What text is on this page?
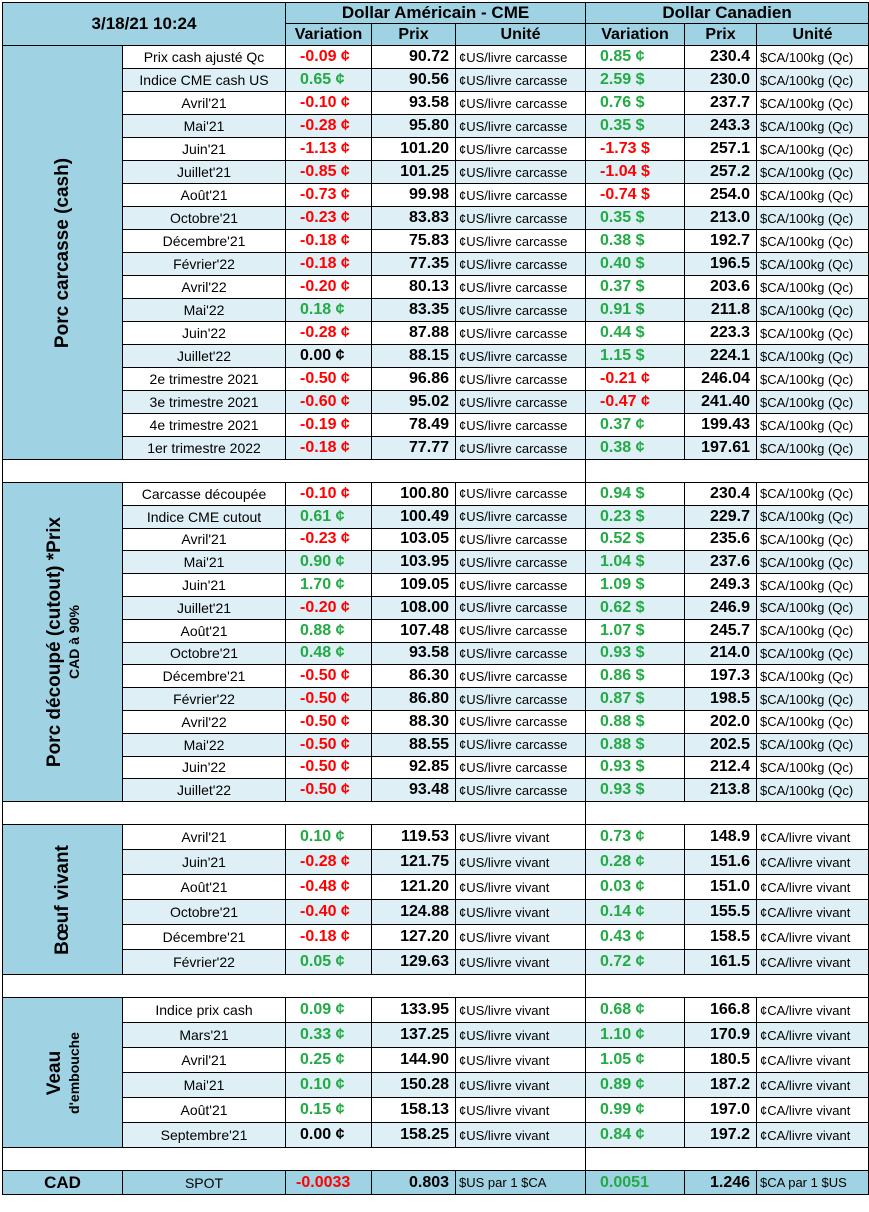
3/18/21 10:24		Dollar Américain - CME			Dollar Canadien		
		Variation	Prix	Unité	Variation	Prix	Unité

Porc carcasse (cash)	Prix cash ajusté Qc	-0.09 ¢	90.72	¢US/livre carcasse	0.85 ¢	230.4	$CA/100kg (Qc)
	Indice CME cash US	0.65 ¢	90.56	¢US/livre carcasse	2.59 $	230.0	$CA/100kg (Qc)
	Avril'21	-0.10 ¢	93.58	¢US/livre carcasse	0.76 $	237.7	$CA/100kg (Qc)
	Mai'21	-0.28 ¢	95.80	¢US/livre carcasse	0.35 $	243.3	$CA/100kg (Qc)
	Juin'21	-1.13 ¢	101.20	¢US/livre carcasse	-1.73 $	257.1	$CA/100kg (Qc)
	Juillet'21	-0.85 ¢	101.25	¢US/livre carcasse	-1.04 $	257.2	$CA/100kg (Qc)
	Août'21	-0.73 ¢	99.98	¢US/livre carcasse	-0.74 $	254.0	$CA/100kg (Qc)
	Octobre'21	-0.23 ¢	83.83	¢US/livre carcasse	0.35 $	213.0	$CA/100kg (Qc)
	Décembre'21	-0.18 ¢	75.83	¢US/livre carcasse	0.38 $	192.7	$CA/100kg (Qc)
	Février'22	-0.18 ¢	77.35	¢US/livre carcasse	0.40 $	196.5	$CA/100kg (Qc)
	Avril'22	-0.20 ¢	80.13	¢US/livre carcasse	0.37 $	203.6	$CA/100kg (Qc)
	Mai'22	0.18 ¢	83.35	¢US/livre carcasse	0.91 $	211.8	$CA/100kg (Qc)
	Juin'22	-0.28 ¢	87.88	¢US/livre carcasse	0.44 $	223.3	$CA/100kg (Qc)
	Juillet'22	0.00 ¢	88.15	¢US/livre carcasse	1.15 $	224.1	$CA/100kg (Qc)
	2e trimestre 2021	-0.50 ¢	96.86	¢US/livre carcasse	-0.21 ¢	246.04	$CA/100kg (Qc)
	3e trimestre 2021	-0.60 ¢	95.02	¢US/livre carcasse	-0.47 ¢	241.40	$CA/100kg (Qc)
	4e trimestre 2021	-0.19 ¢	78.49	¢US/livre carcasse	0.37 ¢	199.43	$CA/100kg (Qc)
	1er trimestre 2022	-0.18 ¢	77.77	¢US/livre carcasse	0.38 ¢	197.61	$CA/100kg (Qc)

Porc découpé (cutout) *Prix CAD à 90%	Carcasse découpée	-0.10 ¢	100.80	¢US/livre carcasse	0.94 $	230.4	$CA/100kg (Qc)
	Indice CME cutout	0.61 ¢	100.49	¢US/livre carcasse	0.23 $	229.7	$CA/100kg (Qc)
	Avril'21	-0.23 ¢	103.05	¢US/livre carcasse	0.52 $	235.6	$CA/100kg (Qc)
	Mai'21	0.90 ¢	103.95	¢US/livre carcasse	1.04 $	237.6	$CA/100kg (Qc)
	Juin'21	1.70 ¢	109.05	¢US/livre carcasse	1.09 $	249.3	$CA/100kg (Qc)
	Juillet'21	-0.20 ¢	108.00	¢US/livre carcasse	0.62 $	246.9	$CA/100kg (Qc)
	Août'21	0.88 ¢	107.48	¢US/livre carcasse	1.07 $	245.7	$CA/100kg (Qc)
	Octobre'21	0.48 ¢	93.58	¢US/livre carcasse	0.93 $	214.0	$CA/100kg (Qc)
	Décembre'21	-0.50 ¢	86.30	¢US/livre carcasse	0.86 $	197.3	$CA/100kg (Qc)
	Février'22	-0.50 ¢	86.80	¢US/livre carcasse	0.87 $	198.5	$CA/100kg (Qc)
	Avril'22	-0.50 ¢	88.30	¢US/livre carcasse	0.88 $	202.0	$CA/100kg (Qc)
	Mai'22	-0.50 ¢	88.55	¢US/livre carcasse	0.88 $	202.5	$CA/100kg (Qc)
	Juin'22	-0.50 ¢	92.85	¢US/livre carcasse	0.93 $	212.4	$CA/100kg (Qc)
	Juillet'22	-0.50 ¢	93.48	¢US/livre carcasse	0.93 $	213.8	$CA/100kg (Qc)

Bœuf vivant	Avril'21	0.10 ¢	119.53	¢US/livre vivant	0.73 ¢	148.9	¢CA/livre vivant
	Juin'21	-0.28 ¢	121.75	¢US/livre vivant	0.28 ¢	151.6	¢CA/livre vivant
	Août'21	-0.48 ¢	121.20	¢US/livre vivant	0.03 ¢	151.0	¢CA/livre vivant
	Octobre'21	-0.40 ¢	124.88	¢US/livre vivant	0.14 ¢	155.5	¢CA/livre vivant
	Décembre'21	-0.18 ¢	127.20	¢US/livre vivant	0.43 ¢	158.5	¢CA/livre vivant
	Février'22	0.05 ¢	129.63	¢US/livre vivant	0.72 ¢	161.5	¢CA/livre vivant

Veau d'embouche	Indice prix cash	0.09 ¢	133.95	¢US/livre vivant	0.68 ¢	166.8	¢CA/livre vivant
	Mars'21	0.33 ¢	137.25	¢US/livre vivant	1.10 ¢	170.9	¢CA/livre vivant
	Avril'21	0.25 ¢	144.90	¢US/livre vivant	1.05 ¢	180.5	¢CA/livre vivant
	Mai'21	0.10 ¢	150.28	¢US/livre vivant	0.89 ¢	187.2	¢CA/livre vivant
	Août'21	0.15 ¢	158.13	¢US/livre vivant	0.99 ¢	197.0	¢CA/livre vivant
	Septembre'21	0.00 ¢	158.25	¢US/livre vivant	0.84 ¢	197.2	¢CA/livre vivant

CAD	SPOT	-0.0033	0.803	$US par 1 $CA	0.0051	1.246	$CA par 1 $US
